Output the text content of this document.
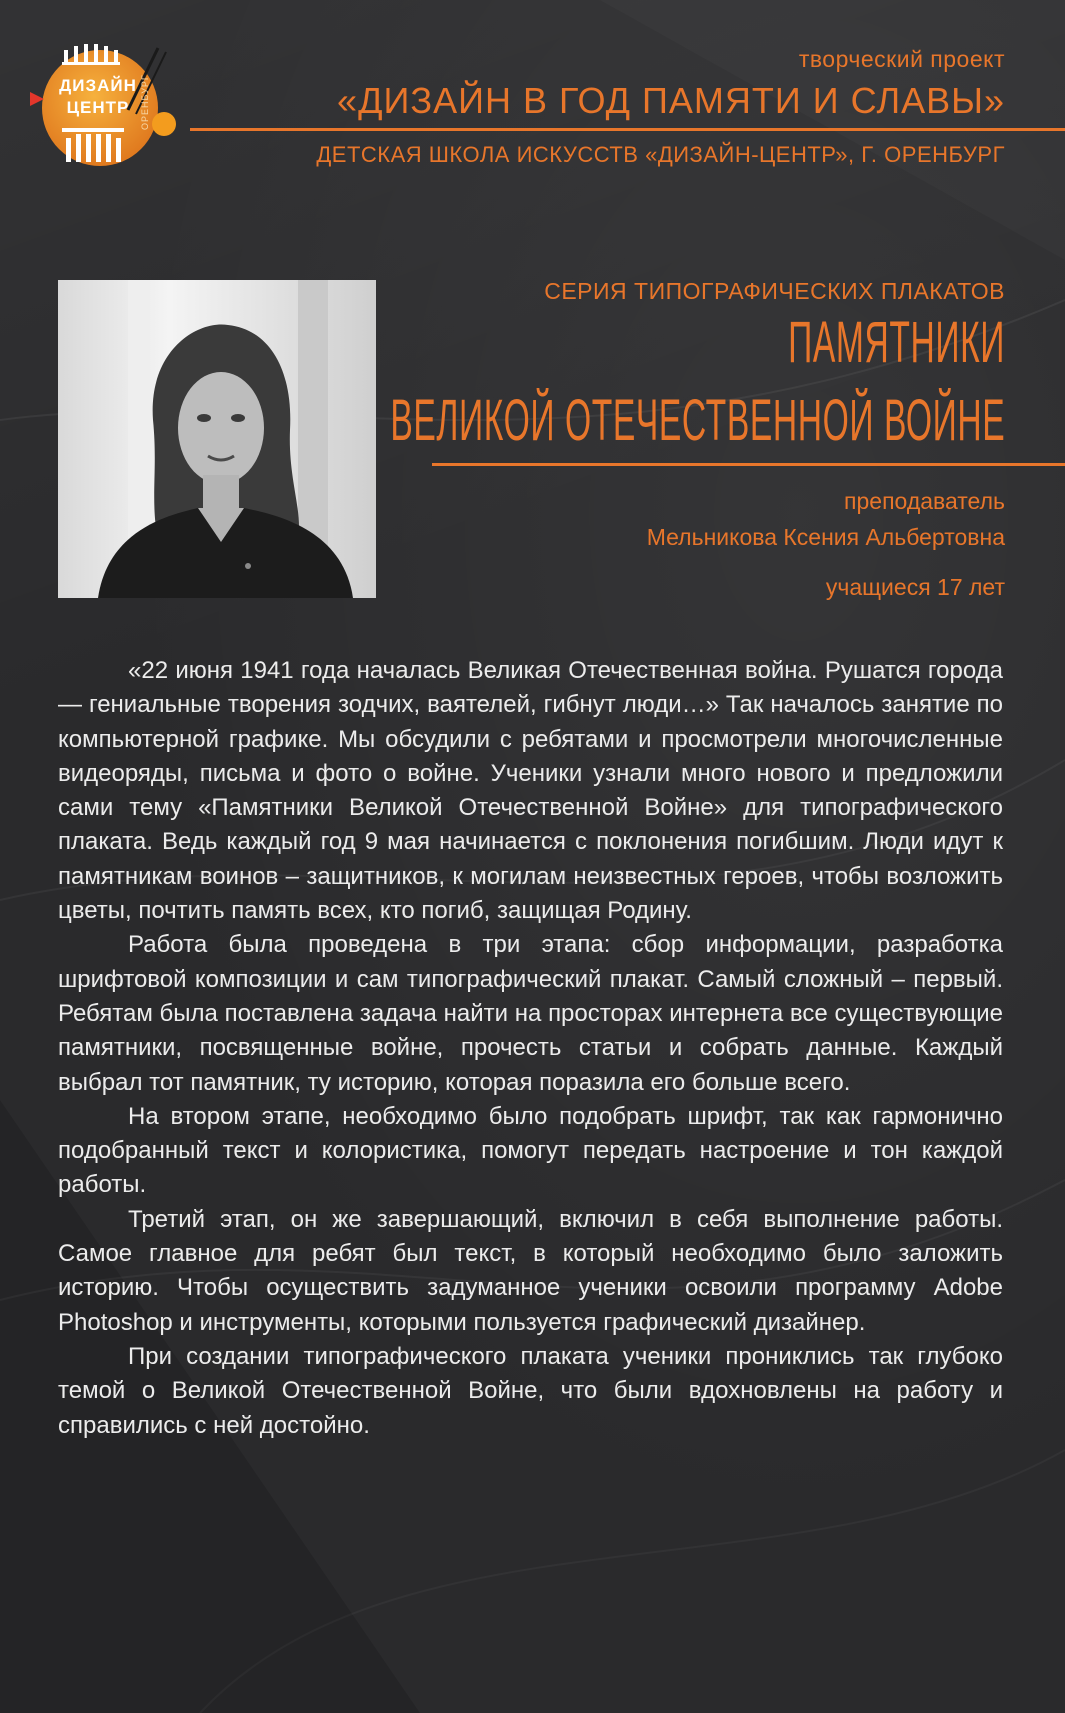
ДИЗАЙН
ЦЕНТР	ОРЕНБУРГ
творческий проект
«ДИЗАЙН В ГОД ПАМЯТИ И СЛАВЫ»
ДЕТСКАЯ ШКОЛА ИСКУССТВ «ДИЗАЙН-ЦЕНТР», Г. ОРЕНБУРГ
СЕРИЯ ТИПОГРАФИЧЕСКИХ ПЛАКАТОВ
ПАМЯТНИКИ
ВЕЛИКОЙ ОТЕЧЕСТВЕННОЙ ВОЙНЕ
преподаватель
Мельникова Ксения Альбертовна
учащиеся 17 лет

«22 июня 1941 года началась Великая Отечественная война. Рушатся города — гениальные творения зодчих, ваятелей, гибнут люди…» Так началось занятие по компьютерной графике. Мы обсудили с ребятами и просмотрели многочисленные видеоряды, письма и фото о войне. Ученики узнали много нового и предложили сами тему «Памятники Великой Отечественной Войне» для типографического плаката. Ведь каждый год 9 мая начинается с поклонения погибшим. Люди идут к памятникам воинов – защитников, к могилам неизвестных героев, чтобы возложить цветы, почтить память всех, кто погиб, защищая Родину.

Работа была проведена в три этапа: сбор информации, разработка шрифтовой композиции и сам типографический плакат. Самый сложный – первый. Ребятам была поставлена задача найти на просторах интернета все существующие памятники, посвященные войне, прочесть статьи и собрать данные. Каждый выбрал тот памятник, ту историю, которая поразила его больше всего.

На втором этапе, необходимо было подобрать шрифт, так как гармонично подобранный текст и колористика, помогут передать настроение и тон каждой работы.

Третий этап, он же завершающий, включил в себя выполнение работы. Самое главное для ребят был текст, в который необходимо было заложить историю. Чтобы осуществить задуманное ученики освоили программу Adobe Photoshop и инструменты, которыми пользуется графический дизайнер.

При создании типографического плаката ученики прониклись так глубоко темой о Великой Отечественной Войне, что были вдохновлены на работу и справились с ней достойно.
